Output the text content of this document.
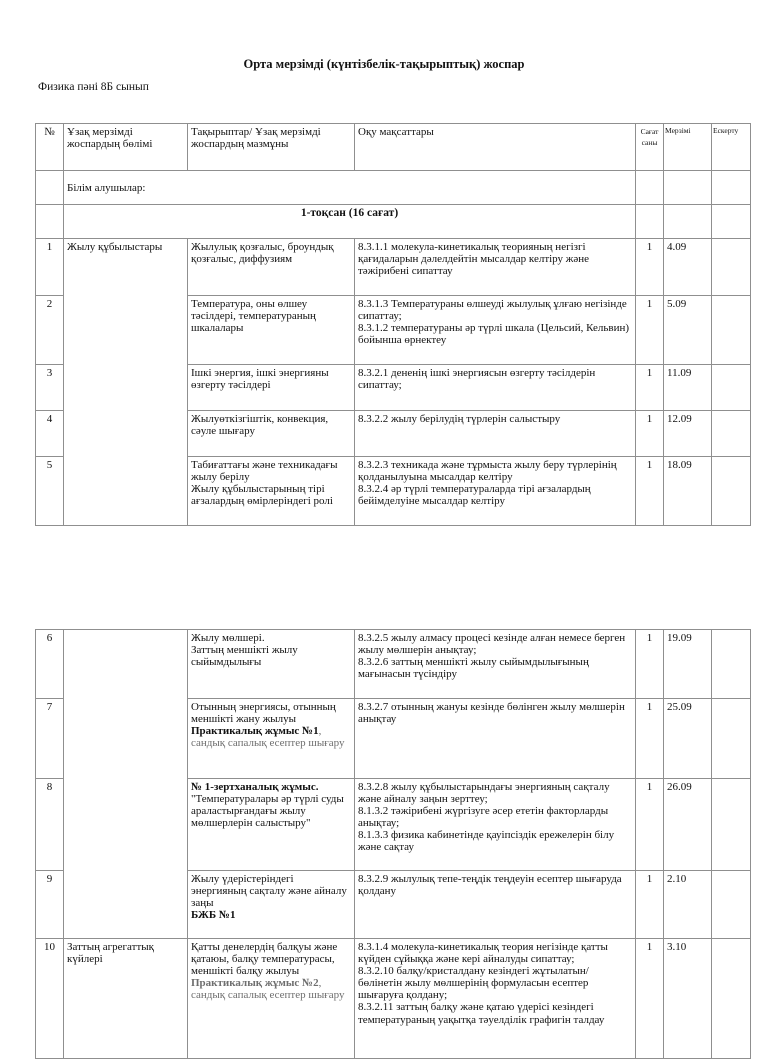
Орта мерзімді (күнтізбелік-тақырыптық) жоспар
Физика пәні 8Б сынып
№	Ұзақ мерзімді жоспардың бөлімі	Тақырыптар/ Ұзақ мерзімді жоспардың мазмұны	Оқу мақсаттары	Сағат
саны	Мерзімі	Ескерту
	Білім алушылар:					
	1-тоқсан (16 сағат)					
1	Жылу құбылыстары	Жылулық қозғалыс, броундық қозғалыс, диффузиям	8.3.1.1 молекула-кинетикалық теорияның негізгі қағидаларын дәлелдейтін мысалдар келтіру және тәжірибені сипаттау	1	4.09	
2		Температура, оны өлшеу тәсілдері, температураның шкалалары	8.3.1.3 Температураны өлшеуді жылулық ұлғаю негізінде сипаттау;
8.3.1.2 температураны әр түрлі шкала (Цельсий, Кельвин) бойынша өрнектеу	1	5.09	
3		Ішкі энергия, ішкі энергияны өзгерту тәсілдері	8.3.2.1 дененің ішкі энергиясын өзгерту тәсілдерін сипаттау;	1	11.09	
4		Жылуөткізгіштік, конвекция, сәуле шығару	8.3.2.2 жылу берілудің түрлерін салыстыру	1	12.09	
5		Табиғаттағы және техникадағы жылу берілу
Жылу құбылыстарының тірі ағзалардың өмірлеріндегі ролі	8.3.2.3 техникада және тұрмыста жылу беру түрлерінің қолданылуына мысалдар келтіру
8.3.2.4 әр түрлі температураларда тірі ағзалардың бейімделуіне мысалдар келтіру	1	18.09	
6		Жылу мөлшері.
Заттың меншікті жылу сыйымдылығы	8.3.2.5 жылу алмасу процесі кезінде алған немесе берген жылу мөлшерін анықтау;
8.3.2.6 заттың меншікті жылу сыйымдылығының мағынасын түсіндіру	1	19.09	
7		Отынның энергиясы, отынның меншікті жану жылуы Практикалық жұмыс №1, сандық сапалық есептер шығару	8.3.2.7 отынның жануы кезінде бөлінген жылу мөлшерін анықтау	1	25.09	
8		№ 1-зертханалық жұмыс.
"Температуралары әр түрлі суды араластырғандағы жылу мөлшерлерін салыстыру"	8.3.2.8 жылу құбылыстарындағы энергияның сақталу және айналу заңын зерттеу;
8.1.3.2 тәжірибені жүргізуге әсер ететін факторларды анықтау;
8.1.3.3 физика кабинетінде қауіпсіздік ережелерін білу және сақтау	1	26.09	
9		Жылу үдерістеріндегі энергияның сақталу және айналу заңы
БЖБ №1	8.3.2.9 жылулық тепе-теңдік теңдеуін есептер шығаруда қолдану	1	2.10	
10	Заттың агрегаттық күйлері	Қатты денелердің балқуы және қатаюы, балқу температурасы, меншікті балқу жылуы Практикалық жұмыс №2, сандық сапалық есептер шығару	8.3.1.4 молекула-кинетикалық теория негізінде қатты күйден сұйыққа және кері айналуды сипаттау;
8.3.2.10 балқу/кристалдану кезіндегі жұтылатын/бөлінетін жылу мөлшерінің формуласын есептер шығаруға қолдану;
8.3.2.11 заттың балқу және қатаю үдерісі кезіндегі температураның уақытқа тәуелділік графигін талдау	1	3.10	
